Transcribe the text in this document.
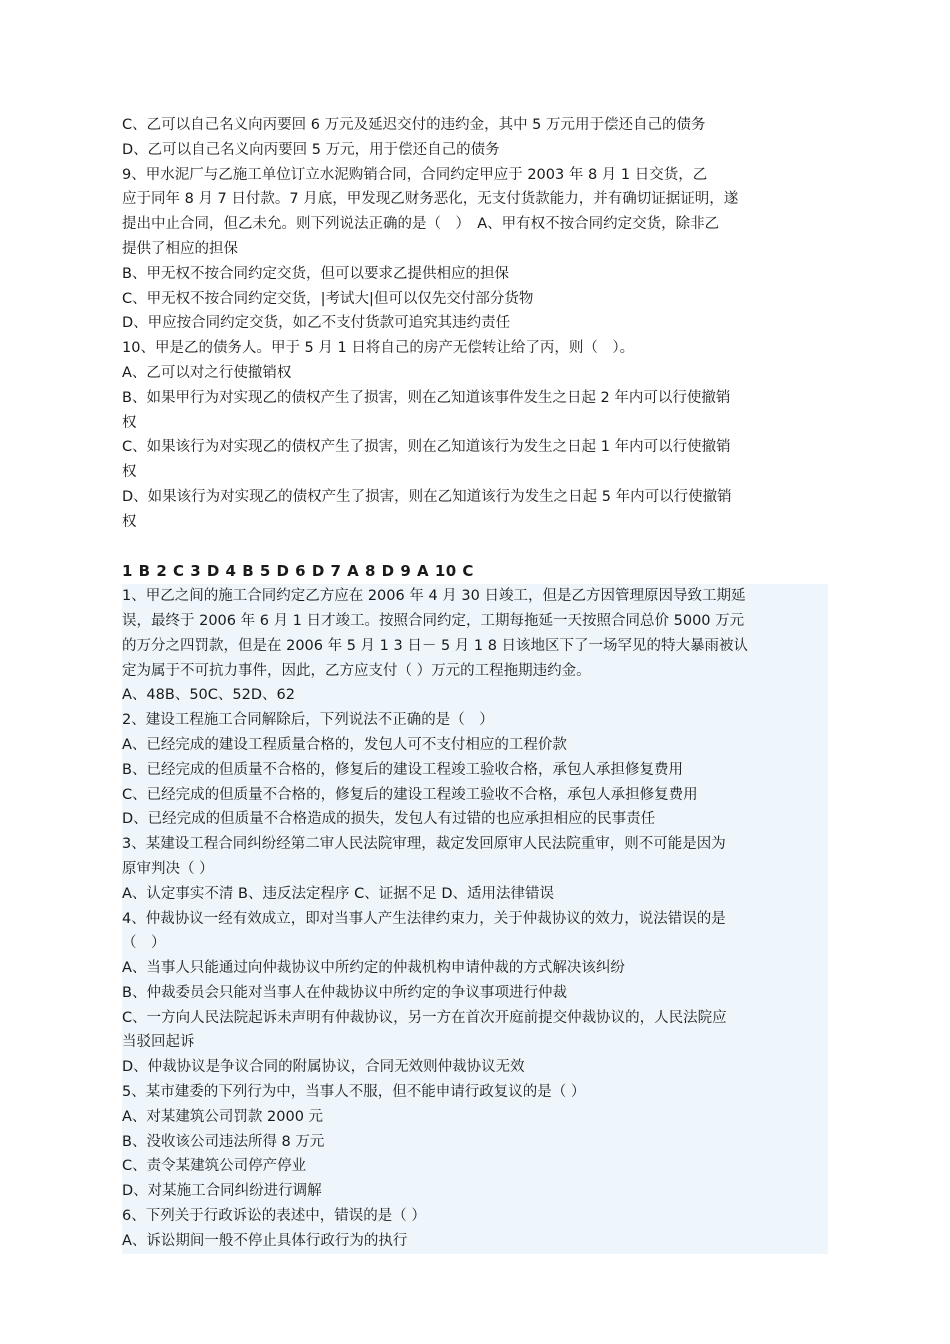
C、乙可以自己名义向丙要回 6 万元及延迟交付的违约金，其中 5 万元用于偿还自己的债务
D、乙可以自己名义向丙要回 5 万元，用于偿还自己的债务
9、甲水泥厂与乙施工单位订立水泥购销合同，合同约定甲应于 2003 年 8 月 1 日交货，乙
应于同年 8 月 7 日付款。7 月底，甲发现乙财务恶化，无支付货款能力，并有确切证据证明，遂
提出中止合同，但乙未允。则下列说法正确的是（　）　A、甲有权不按合同约定交货，除非乙
提供了相应的担保
B、甲无权不按合同约定交货，但可以要求乙提供相应的担保
C、甲无权不按合同约定交货，|考试大|但可以仅先交付部分货物
D、甲应按合同约定交货，如乙不支付货款可追究其违约责任
10、甲是乙的债务人。甲于 5 月 1 日将自己的房产无偿转让给了丙，则（　）。
A、乙可以对之行使撤销权
B、如果甲行为对实现乙的债权产生了损害，则在乙知道该事件发生之日起 2 年内可以行使撤销
权
C、如果该行为对实现乙的债权产生了损害，则在乙知道该行为发生之日起 1 年内可以行使撤销
权
D、如果该行为对实现乙的债权产生了损害，则在乙知道该行为发生之日起 5 年内可以行使撤销
权
1 B 2 C 3 D 4 B 5 D 6 D 7 A 8 D 9 A 10 C
1、甲乙之间的施工合同约定乙方应在 2006 年 4 月 30 日竣工，但是乙方因管理原因导致工期延
误，最终于 2006 年 6 月 1 日才竣工。按照合同约定，工期每拖延一天按照合同总价 5000 万元
的万分之四罚款，但是在 2006 年 5 月 1 3 日－ 5 月 1 8 日该地区下了一场罕见的特大暴雨被认
定为属于不可抗力事件，因此，乙方应支付（ ）万元的工程拖期违约金。
A、48B、50C、52D、62
2、建设工程施工合同解除后，下列说法不正确的是（　）
A、已经完成的建设工程质量合格的，发包人可不支付相应的工程价款
B、已经完成的但质量不合格的，修复后的建设工程竣工验收合格，承包人承担修复费用
C、已经完成的但质量不合格的，修复后的建设工程竣工验收不合格，承包人承担修复费用
D、已经完成的但质量不合格造成的损失，发包人有过错的也应承担相应的民事责任
3、某建设工程合同纠纷经第二审人民法院审理，裁定发回原审人民法院重审，则不可能是因为
原审判决（ ）
A、认定事实不清 B、违反法定程序 C、证据不足 D、适用法律错误
4、仲裁协议一经有效成立，即对当事人产生法律约束力，关于仲裁协议的效力，说法错误的是
（　）
A、当事人只能通过向仲裁协议中所约定的仲裁机构申请仲裁的方式解决该纠纷
B、仲裁委员会只能对当事人在仲裁协议中所约定的争议事项进行仲裁
C、一方向人民法院起诉未声明有仲裁协议，另一方在首次开庭前提交仲裁协议的，人民法院应
当驳回起诉
D、仲裁协议是争议合同的附属协议，合同无效则仲裁协议无效
5、某市建委的下列行为中，当事人不服，但不能申请行政复议的是（ ）
A、对某建筑公司罚款 2000 元
B、没收该公司违法所得 8 万元
C、责令某建筑公司停产停业
D、对某施工合同纠纷进行调解
6、下列关于行政诉讼的表述中，错误的是（ ）
A、诉讼期间一般不停止具体行政行为的执行
